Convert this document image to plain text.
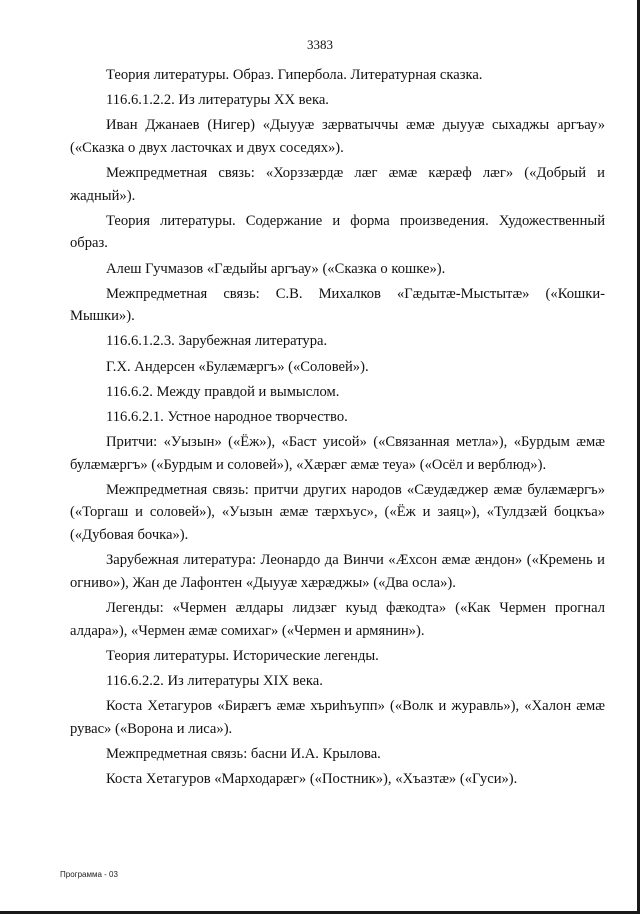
3383

Теория литературы. Образ. Гипербола. Литературная сказка.

116.6.1.2.2. Из литературы XX века.

Иван Джанаев (Нигер) «Дыууæ зæрватыччы æмæ дыууæ сыхаджы аргъау» («Сказка о двух ласточках и двух соседях»).

Межпредметная связь: «Хорззæрдæ лæг æмæ кæрæф лæг» («Добрый и жадный»).

Теория литературы. Содержание и форма произведения. Художественный образ.

Алеш Гучмазов «Гæдыйы аргъау» («Сказка о кошке»).

Межпредметная связь: С.В. Михалков «Гæдытæ-Мыстытæ» («Кошки-Мышки»).

116.6.1.2.3. Зарубежная литература.

Г.Х. Андерсен «Булæмæргъ» («Соловей»).

116.6.2. Между правдой и вымыслом.

116.6.2.1. Устное народное творчество.

Притчи: «Уызын» («Ёж»), «Баст уисой» («Связанная метла»), «Бурдым æмæ булæмæргъ» («Бурдым и соловей»), «Хæрæг æмæ теуа» («Осёл и верблюд»).

Межпредметная связь: притчи других народов «Сæудæджер æмæ булæмæргъ» («Торгаш и соловей»), «Уызын æмæ тæрхъус», («Ёж и заяц»), «Тулдзæй боцкъа» («Дубовая бочка»).

Зарубежная литература: Леонардо да Винчи «Æхсон æмæ æндон» («Кремень и огниво»), Жан де Лафонтен «Дыууæ хæрæджы» («Два осла»).

Легенды: «Чермен æлдары лидзæг куыд фæкодта» («Как Чермен прогнал алдара»), «Чермен æмæ сомихаг» («Чермен и армянин»).

Теория литературы. Исторические легенды.

116.6.2.2. Из литературы XIX века.

Коста Хетагуров «Бирæгъ æмæ хъриhъупп» («Волк и журавль»), «Халон æмæ рувас» («Ворона и лиса»).

Межпредметная связь: басни И.А. Крылова.

Коста Хетагуров «Марходарæг» («Постник»), «Хъазтæ» («Гуси»).

Программа - 03
